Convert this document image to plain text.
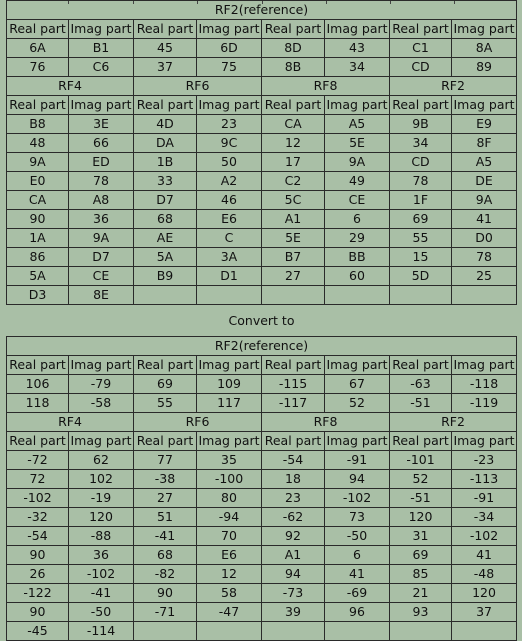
RF2(reference)							
Real part	Imag part	Real part	Imag part	Real part	Imag part	Real part	Imag part
6A	B1	45	6D	8D	43	C1	8A
76	C6	37	75	8B	34	CD	89
RF4		RF6		RF8		RF2	
Real part	Imag part	Real part	Imag part	Real part	Imag part	Real part	Imag part
B8	3E	4D	23	CA	A5	9B	E9
48	66	DA	9C	12	5E	34	8F
9A	ED	1B	50	17	9A	CD	A5
E0	78	33	A2	C2	49	78	DE
CA	A8	D7	46	5C	CE	1F	9A
90	36	68	E6	A1	6	69	41
1A	9A	AE	C	5E	29	55	D0
86	D7	5A	3A	B7	BB	15	78
5A	CE	B9	D1	27	60	5D	25
D3	8E						
Convert to							
RF2(reference)							
Real part	Imag part	Real part	Imag part	Real part	Imag part	Real part	Imag part
106	-79	69	109	-115	67	-63	-118
118	-58	55	117	-117	52	-51	-119
RF4		RF6		RF8		RF2	
Real part	Imag part	Real part	Imag part	Real part	Imag part	Real part	Imag part
-72	62	77	35	-54	-91	-101	-23
72	102	-38	-100	18	94	52	-113
-102	-19	27	80	23	-102	-51	-91
-32	120	51	-94	-62	73	120	-34
-54	-88	-41	70	92	-50	31	-102
90	36	68	E6	A1	6	69	41
26	-102	-82	12	94	41	85	-48
-122	-41	90	58	-73	-69	21	120
90	-50	-71	-47	39	96	93	37
-45	-114						
